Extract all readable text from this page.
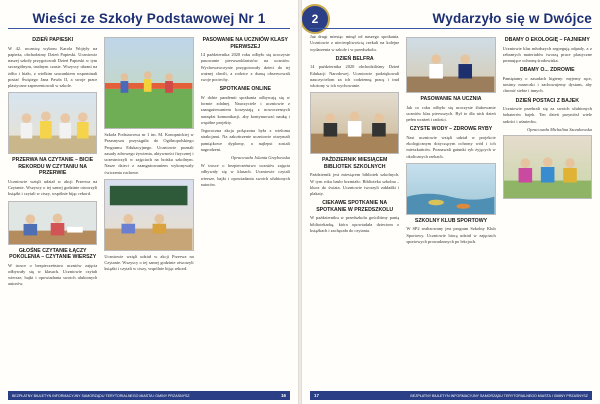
Wieści ze Szkoły Podstawowej Nr 1
DZIEŃ PAPIESKI

W 42. rocznicę wyboru Karola Wojtyły na papieża, obchodzimy Dzień Papieski. Uczniowie naszej szkoły przygotowali Dzień Papieski w tym szczególnym, trudnym czasie. Wszyscy ubrani na żółto i biało, z wielkim szacunkiem wspominali postać Świętego Jana Pawła II, a swoje prace plastyczne zaprezentowali w szkole.

PRZERWA NA CZYTANIE – BICIE REKORDU W CZYTANIU NA PRZERWIE

Uczniowie wzięli udział w akcji Przerwa na Czytanie. Wszyscy o tej samej godzinie otworzyli książki i czytali w ciszy, wspólnie bijąc rekord.

GŁOŚNE CZYTANIE ŁĄCZY POKOLENIA – CZYTANIE WIERSZY

W trosce o bezpieczeństwo uczniów zajęcia odbywały się w klasach. Uczniowie czytali wiersze, bajki i opowiadania swoich ulubionych autorów.

Szkoła Podstawowa nr 1 im. M. Konopnickiej w Przasnyszu przystąpiła do Ogólnopolskiego Programu Edukacyjnego. Uczniowie poznali zasady zdrowego żywienia, aktywności fizycznej i uczestniczyli w zajęciach na boisku szkolnym. Nasze dzieci z zaangażowaniem wykonywały ćwiczenia ruchowe.

Uczniowie wzięli udział w akcji Przerwa na Czytanie. Wszyscy o tej samej godzinie otworzyli książki i czytali w ciszy, wspólnie bijąc rekord.

PASOWANIE NA UCZNIÓW KLASY PIERWSZEJ

14 października 2020 roku odbyło się uroczyste pasowanie pierwszoklasistów na uczniów. Wychowawczynie przygotowały dzieci do tej ważnej chwili, a rodzice z dumą obserwowali swoje pociechy.

SPOTKANIE ONLINE

W dobie pandemii spotkania odbywają się w formie zdalnej. Nauczyciele i uczniowie z zaangażowaniem korzystają z nowoczesnych narzędzi komunikacji, aby kontynuować naukę i wspólne projekty.

Tegoroczna akcja połączona była z wieloma atrakcjami. Na zakończenie uczniowie otrzymali pamiątkowe dyplomy, a najlepsi zostali nagrodzeni.

Opracowała Jolanta Grzybowska

W trosce o bezpieczeństwo uczniów zajęcia odbywały się w klasach. Uczniowie czytali wiersze, bajki i opowiadania swoich ulubionych autorów.

BEZPŁATNY BIULETYN INFORMACYJNY SAMORZĄDU TERYTORIALNEGO MIASTA I GMINY PRZASNYSZ	16
2	Wydarzyło się w Dwójce

Już drugi miesiąc minął od naszego spotkania. Uczniowie z niecierpliwością czekali na kolejne wydarzenia w szkole i w przedszkolu.

DZIEŃ BELFRA

14 października 2020 obchodziliśmy Dzień Edukacji Narodowej. Uczniowie podziękowali nauczycielom za ich codzienną pracę i trud włożony w ich wychowanie.

PAŹDZIERNIK MIESIĄCEM BIBLIOTEK SZKOLNYCH

Październik jest miesiącem bibliotek szkolnych. W tym roku hasło brzmiało: Biblioteka szkolna – klucz do świata. Uczniowie tworzyli zakładki i plakaty.

CIEKAWE SPOTKANIE NA SPOTKANIE W PRZEDSZKOLU

W październiku w przedszkolu gościliśmy panią bibliotekarkę, która opowiadała dzieciom o książkach i zachęcała do czytania.

PASOWANIE NA UCZNIA

Jak co roku odbyło się uroczyste ślubowanie uczniów klas pierwszych. Był to dla nich dzień pełen wrażeń i radości.

CZYSTE WODY – ZDROWE RYBY

Nasi uczniowie wzięli udział w projekcie ekologicznym dotyczącym ochrony wód i ich mieszkańców. Poznawali gatunki ryb żyjących w okolicznych rzekach.

SZKOLNY KLUB SPORTOWY

W SP2 realizowany jest program Szkolny Klub Sportowy. Uczniowie biorą udział w zajęciach sportowych prowadzonych po lekcjach.

DBAMY O EKOLOGIĘ – FAJNIEMY

Uczniowie klas młodszych segregują odpady, a z zebranych materiałów tworzą prace plastyczne promujące ochronę środowiska.

DBAMY O... ZDROWIE

Pamiętamy o zasadach higieny: myjemy ręce, nosimy maseczki i zachowujemy dystans, aby chronić siebie i innych.

DZIEŃ POSTACI Z BAJEK

Uczniowie przebrali się za swoich ulubionych bohaterów bajek. Ten dzień przyniósł wiele radości i uśmiechu.

Opracowała Michalina Szczukowska
17	BEZPŁATNY BIULETYN INFORMACYJNY SAMORZĄDU TERYTORIALNEGO MIASTA I GMINY PRZASNYSZ
